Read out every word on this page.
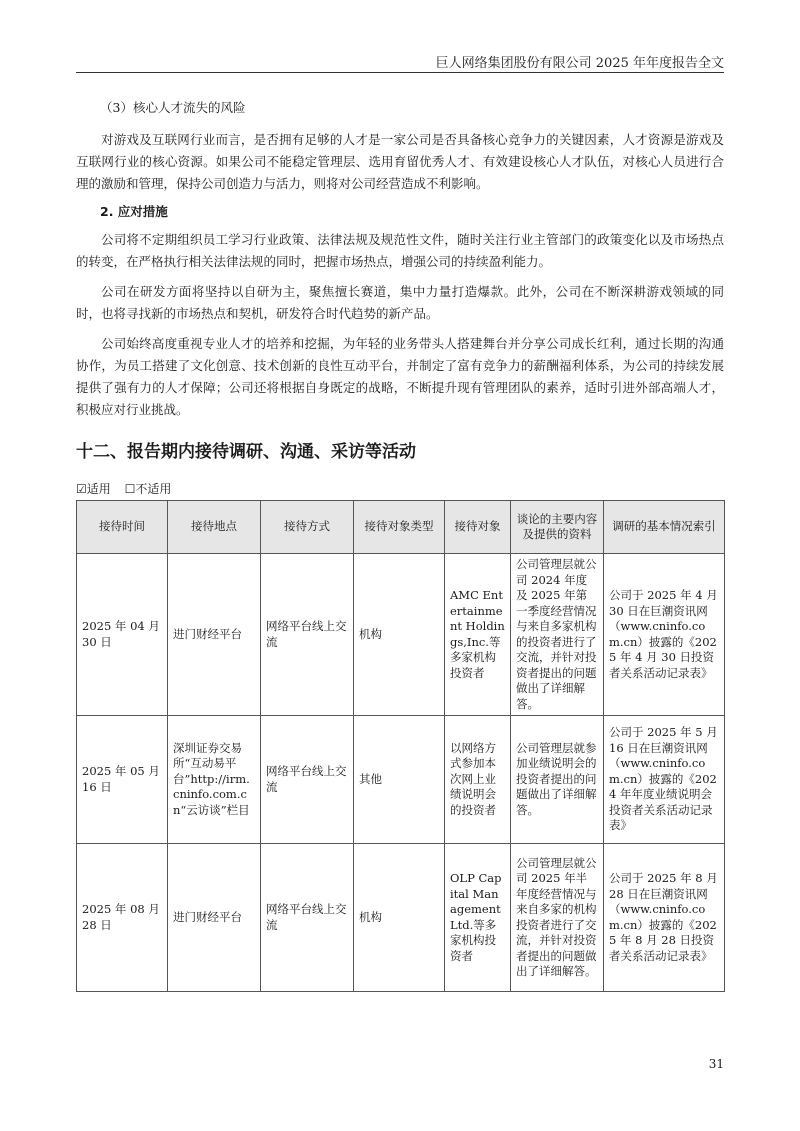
巨人网络集团股份有限公司 2025 年年度报告全文
（3）核心人才流失的风险
对游戏及互联网行业而言，是否拥有足够的人才是一家公司是否具备核心竞争力的关键因素，人才资源是游戏及互联网行业的核心资源。如果公司不能稳定管理层、选用育留优秀人才、有效建设核心人才队伍，对核心人员进行合理的激励和管理，保持公司创造力与活力，则将对公司经营造成不利影响。
2. 应对措施
公司将不定期组织员工学习行业政策、法律法规及规范性文件，随时关注行业主管部门的政策变化以及市场热点的转变，在严格执行相关法律法规的同时，把握市场热点，增强公司的持续盈利能力。
公司在研发方面将坚持以自研为主，聚焦擅长赛道，集中力量打造爆款。此外，公司在不断深耕游戏领域的同时，也将寻找新的市场热点和契机，研发符合时代趋势的新产品。
公司始终高度重视专业人才的培养和挖掘，为年轻的业务带头人搭建舞台并分享公司成长红利，通过长期的沟通协作，为员工搭建了文化创意、技术创新的良性互动平台，并制定了富有竞争力的薪酬福利体系，为公司的持续发展提供了强有力的人才保障；公司还将根据自身既定的战略，不断提升现有管理团队的素养，适时引进外部高端人才，积极应对行业挑战。
十二、报告期内接待调研、沟通、采访等活动
☑适用 ☐不适用
接待时间	接待地点	接待方式	接待对象类型	接待对象	谈论的主要内容及提供的资料	调研的基本情况索引
2025 年 04 月 30 日	进门财经平台	网络平台线上交流	机构	AMC Entertainment Holdings,Inc.等多家机构投资者	公司管理层就公司 2024 年度及 2025 年第一季度经营情况与来自多家机构的投资者进行了交流，并针对投资者提出的问题做出了详细解答。	公司于 2025 年 4 月 30 日在巨潮资讯网（www.cninfo.com.cn）披露的《2025 年 4 月 30 日投资者关系活动记录表》
2025 年 05 月 16 日	深圳证券交易所“互动易平台”http://irm.cninfo.com.cn“云访谈”栏目	网络平台线上交流	其他	以网络方式参加本次网上业绩说明会的投资者	公司管理层就参加业绩说明会的投资者提出的问题做出了详细解答。	公司于 2025 年 5 月 16 日在巨潮资讯网（www.cninfo.com.cn）披露的《2024 年年度业绩说明会投资者关系活动记录表》
2025 年 08 月 28 日	进门财经平台	网络平台线上交流	机构	OLP Capital Management Ltd.等多家机构投资者	公司管理层就公司 2025 年半年度经营情况与来自多家的机构投资者进行了交流，并针对投资者提出的问题做出了详细解答。	公司于 2025 年 8 月 28 日在巨潮资讯网（www.cninfo.com.cn）披露的《2025 年 8 月 28 日投资者关系活动记录表》
31
